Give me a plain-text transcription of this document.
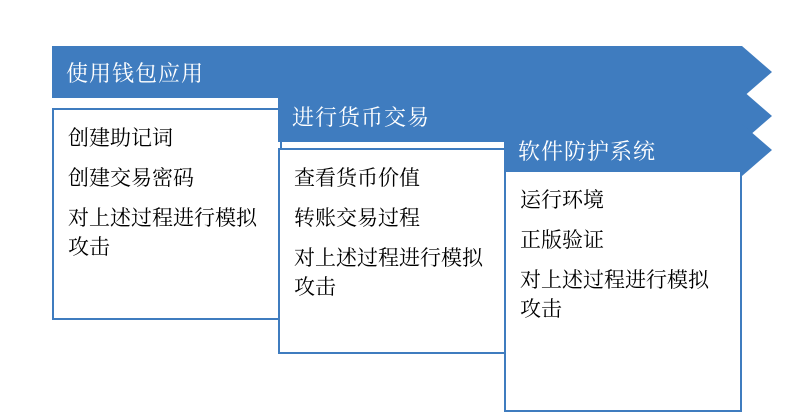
使用钱包应用
创建助记词
创建交易密码
对上述过程进行模拟攻击
进行货币交易
查看货币价值
转账交易过程
对上述过程进行模拟攻击
软件防护系统
运行环境
正版验证
对上述过程进行模拟攻击
